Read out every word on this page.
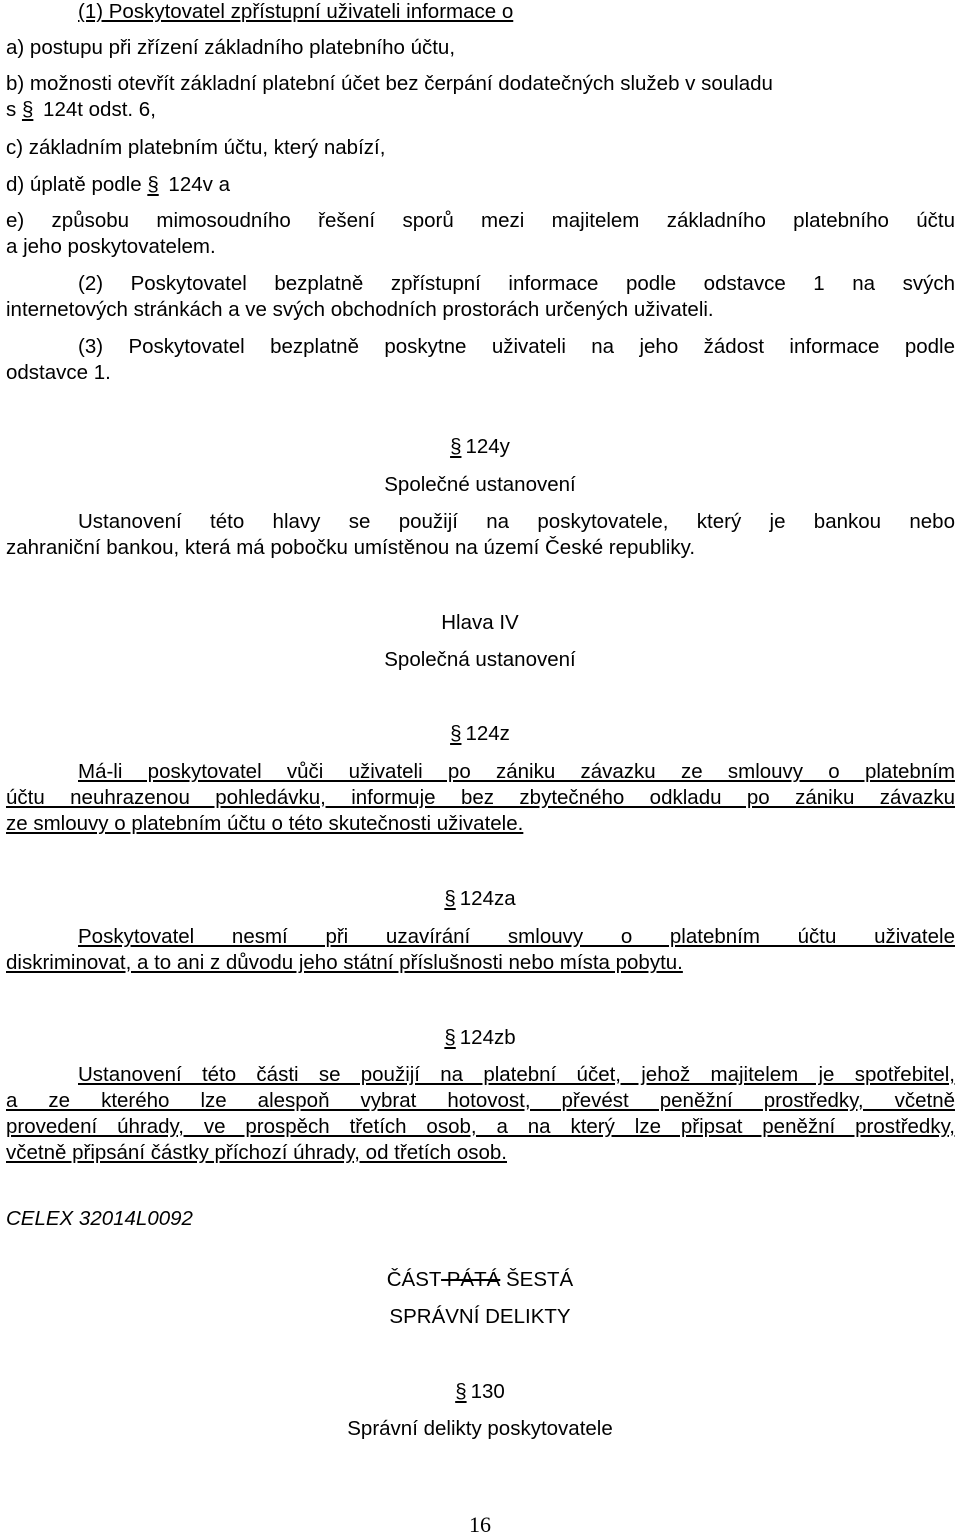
(1) Poskytovatel zpřístupní uživateli informace o
a) postupu při zřízení základního platebního účtu,
b) možnosti otevřít základní platební účet bez čerpání dodatečných služeb v souladu
s § 124t odst. 6,
c) základním platebním účtu, který nabízí,
d) úplatě podle § 124v a
e) způsobu mimosoudního řešení sporů mezi majitelem základního platebního účtu
a jeho poskytovatelem.
(2) Poskytovatel bezplatně zpřístupní informace podle odstavce 1 na svých
internetových stránkách a ve svých obchodních prostorách určených uživateli.
(3) Poskytovatel bezplatně poskytne uživateli na jeho žádost informace podle
odstavce 1.
§ 124y
Společné ustanovení
Ustanovení této hlavy se použijí na poskytovatele, který je bankou nebo
zahraniční bankou, která má pobočku umístěnou na území České republiky.
Hlava IV
Společná ustanovení
§ 124z
Má-li poskytovatel vůči uživateli po zániku závazku ze smlouvy o platebním
účtu neuhrazenou pohledávku, informuje bez zbytečného odkladu po zániku závazku
ze smlouvy o platebním účtu o této skutečnosti uživatele.
§ 124za
Poskytovatel nesmí při uzavírání smlouvy o platebním účtu uživatele
diskriminovat, a to ani z důvodu jeho státní příslušnosti nebo místa pobytu.
§ 124zb
Ustanovení této části se použijí na platební účet, jehož majitelem je spotřebitel,
a ze kterého lze alespoň vybrat hotovost, převést peněžní prostředky, včetně
provedení úhrady, ve prospěch třetích osob, a na který lze připsat peněžní prostředky,
včetně připsání částky příchozí úhrady, od třetích osob.
CELEX 32014L0092
ČÁST PÁTÁ ŠESTÁ
SPRÁVNÍ DELIKTY
§ 130
Správní delikty poskytovatele
16
